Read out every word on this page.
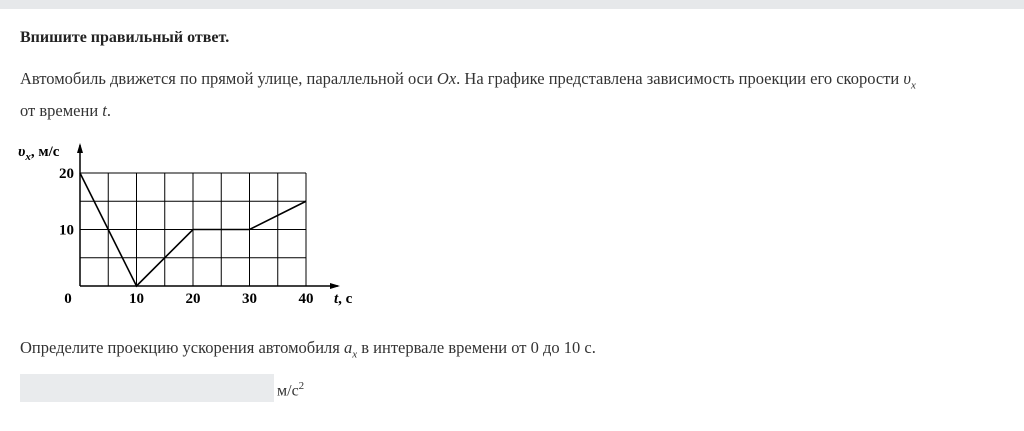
Впишите правильный ответ.
Автомобиль движется по прямой улице, параллельной оси Ox. На графике представлена зависимость проекции его скорости $\upsilon_x$
от времени t.
$\upsilon_x$, м/с
t, с
0	10	20	30	40
10
20
Определите проекцию ускорения автомобиля $a_x$ в интервале времени от 0 до 10 с.
$м/с^2$
